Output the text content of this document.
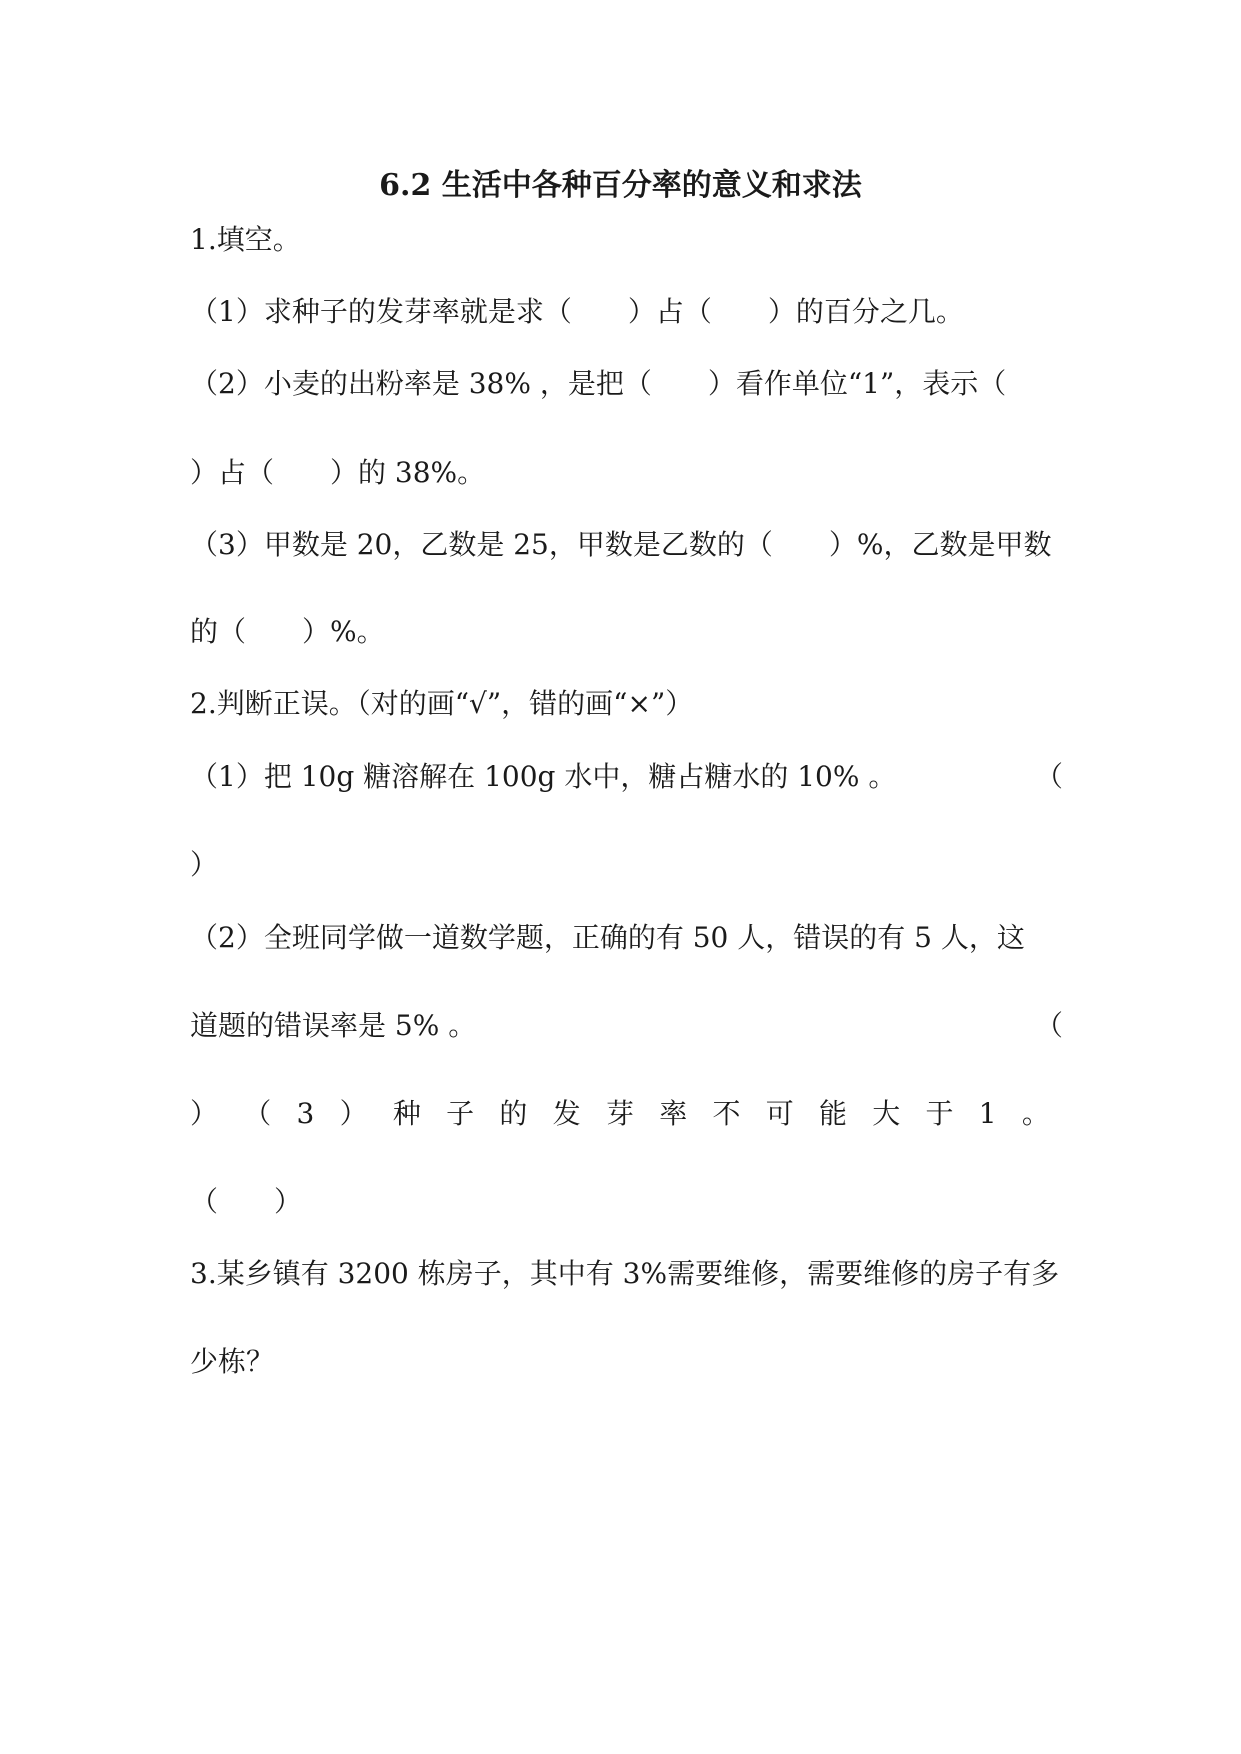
6.2 生活中各种百分率的意义和求法

1.填空。

（1）求种子的发芽率就是求（　　）占（　　）的百分之几。

（2）小麦的出粉率是 38% ，是把（　　）看作单位“1”，表示（

）占（　　）的 38%。

（3）甲数是 20，乙数是 25，甲数是乙数的（　　）%，乙数是甲数

的（　　）%。

2.判断正误。（对的画“√”，错的画“×”）

（1）把 10g 糖溶解在 100g 水中，糖占糖水的 10% 。	（

）

（2）全班同学做一道数学题，正确的有 50 人，错误的有 5 人，这

道题的错误率是 5% 。	（

） （ 3 ） 种 子 的 发 芽 率 不 可 能 大 于 1 。

（　　）

3.某乡镇有 3200 栋房子，其中有 3%需要维修，需要维修的房子有多

少栋？
